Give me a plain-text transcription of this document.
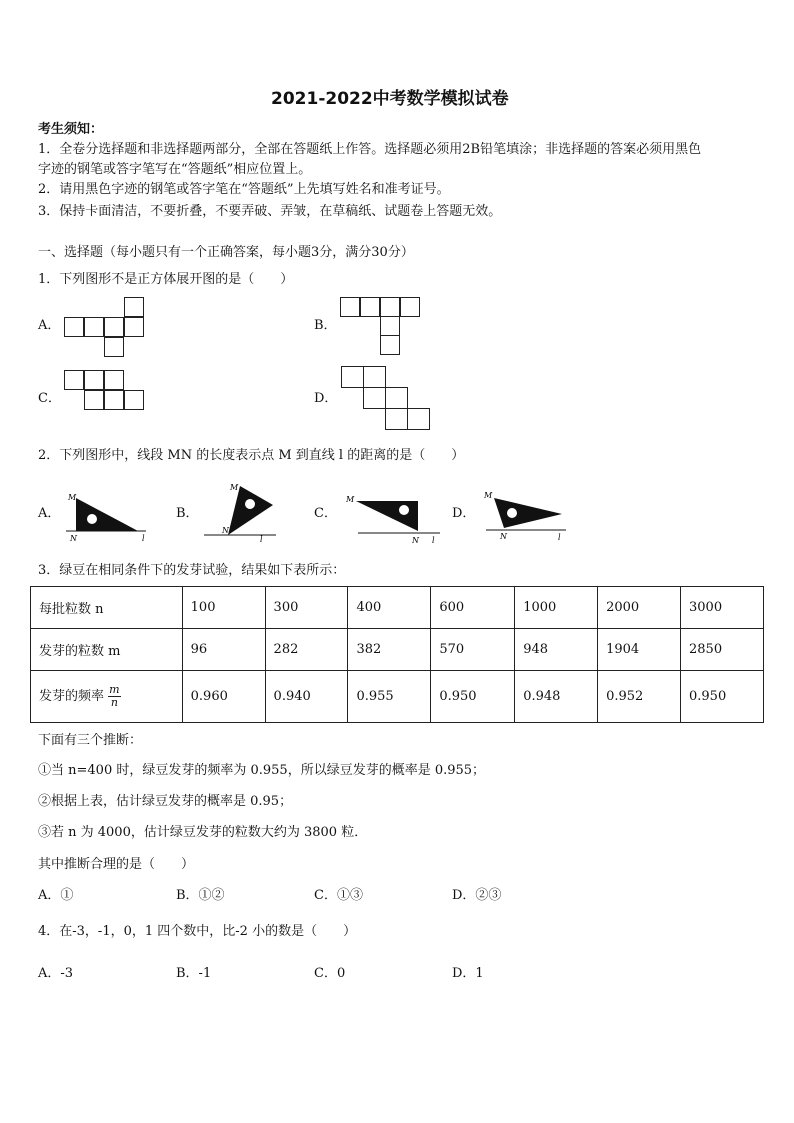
2021-2022中考数学模拟试卷
考生须知：
1．全卷分选择题和非选择题两部分，全部在答题纸上作答。选择题必须用2B铅笔填涂；非选择题的答案必须用黑色
字迹的钢笔或答字笔写在“答题纸”相应位置上。
2．请用黑色字迹的钢笔或答字笔在“答题纸”上先填写姓名和准考证号。
3．保持卡面清洁，不要折叠，不要弄破、弄皱，在草稿纸、试题卷上答题无效。
一、选择题（每小题只有一个正确答案，每小题3分，满分30分）
1．下列图形不是正方体展开图的是（　　）
A．	B．
C．	D．
2．下列图形中，线段 MN 的长度表示点 M 到直线 l 的距离的是（　　）
A．
M
N	l
B．
M
N
l
C．
M
N l
D．
M
N	l
3．绿豆在相同条件下的发芽试验，结果如下表所示：
每批粒数 n	100	300	400	600	1000	2000	3000
发芽的粒数 m	96	282	382	570	948	1904	2850
发芽的频率 $\frac{m}{n}$	0.960	0.940	0.955	0.950	0.948	0.952	0.950
下面有三个推断：
①当 n=400 时，绿豆发芽的频率为 0.955，所以绿豆发芽的概率是 0.955；
②根据上表，估计绿豆发芽的概率是 0.95；
③若 n 为 4000，估计绿豆发芽的粒数大约为 3800 粒．
其中推断合理的是（　　）
A．①	B．①②	C．①③	D．②③
4．在-3，-1，0，1 四个数中，比-2 小的数是（　　）
A．-3	B．-1	C．0	D．1
